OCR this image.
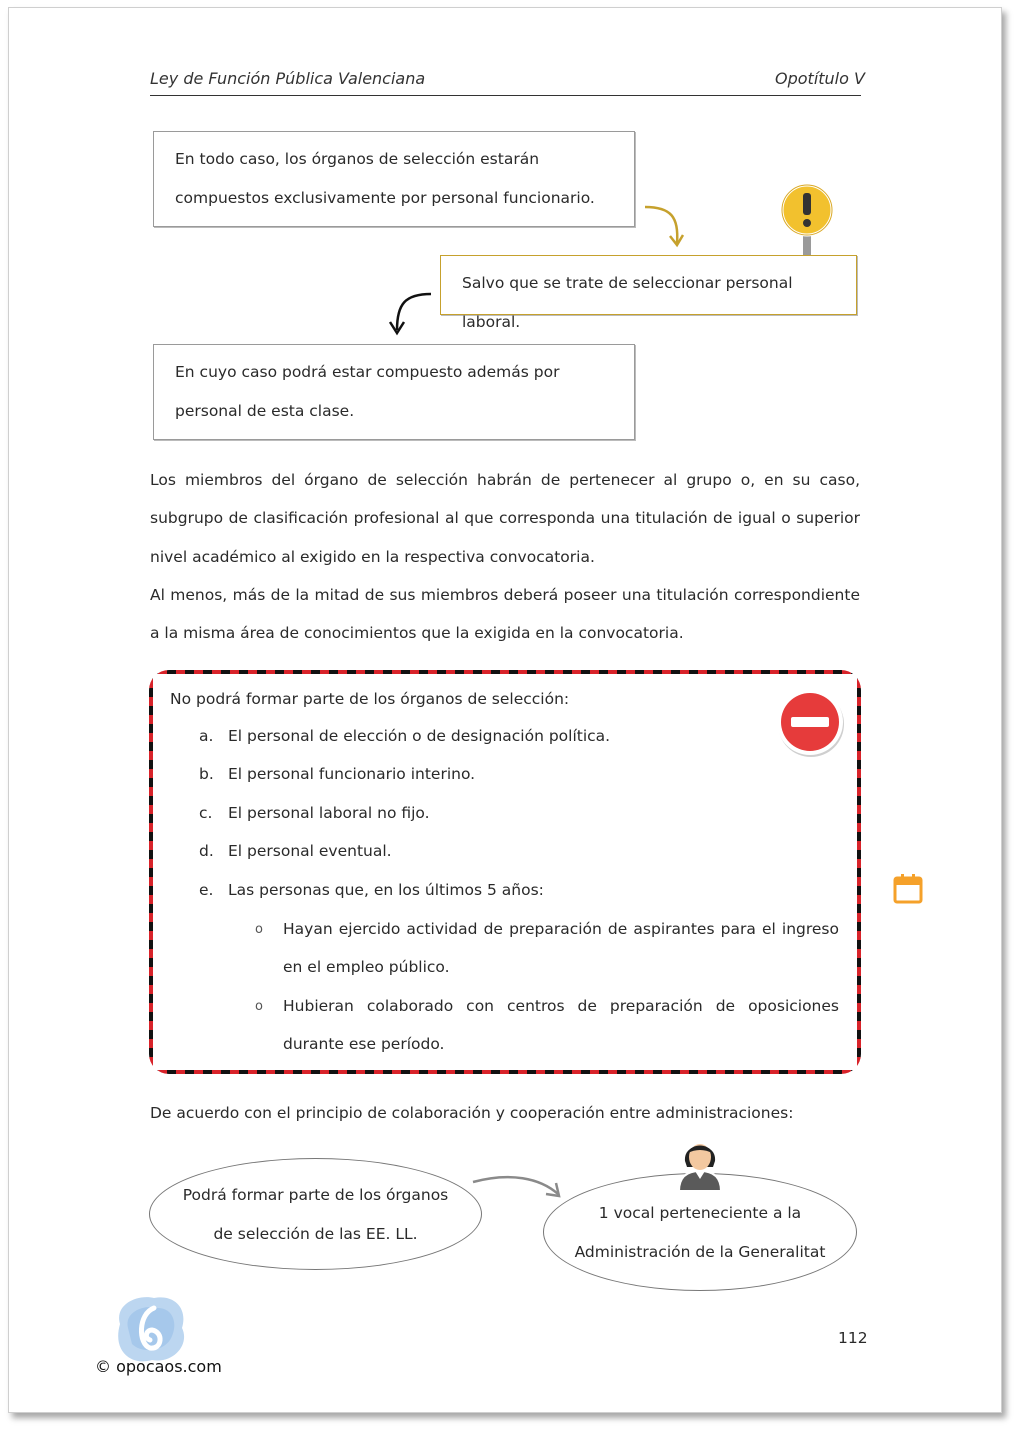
Ley de Función Pública Valenciana	Opotítulo V
En todo caso, los órganos de selección estarán compuestos exclusivamente por personal funcionario.
Salvo que se trate de seleccionar personal laboral.
En cuyo caso podrá estar compuesto además por personal de esta clase.
Los miembros del órgano de selección habrán de pertenecer al grupo o, en su caso, subgrupo de clasificación profesional al que corresponda una titulación de igual o superior nivel académico al exigido en la respectiva convocatoria.
Al menos, más de la mitad de sus miembros deberá poseer una titulación correspondiente a la misma área de conocimientos que la exigida en la convocatoria.
No podrá formar parte de los órganos de selección:
a. El personal de elección o de designación política.
b. El personal funcionario interino.
c. El personal laboral no fijo.
d. El personal eventual.
e. Las personas que, en los últimos 5 años:
o Hayan ejercido actividad de preparación de aspirantes para el ingreso en el empleo público.
o Hubieran colaborado con centros de preparación de oposiciones durante ese período.
De acuerdo con el principio de colaboración y cooperación entre administraciones:
Podrá formar parte de los órganos
de selección de las EE. LL.
1 vocal perteneciente a la
Administración de la Generalitat
© opocaos.com
112
